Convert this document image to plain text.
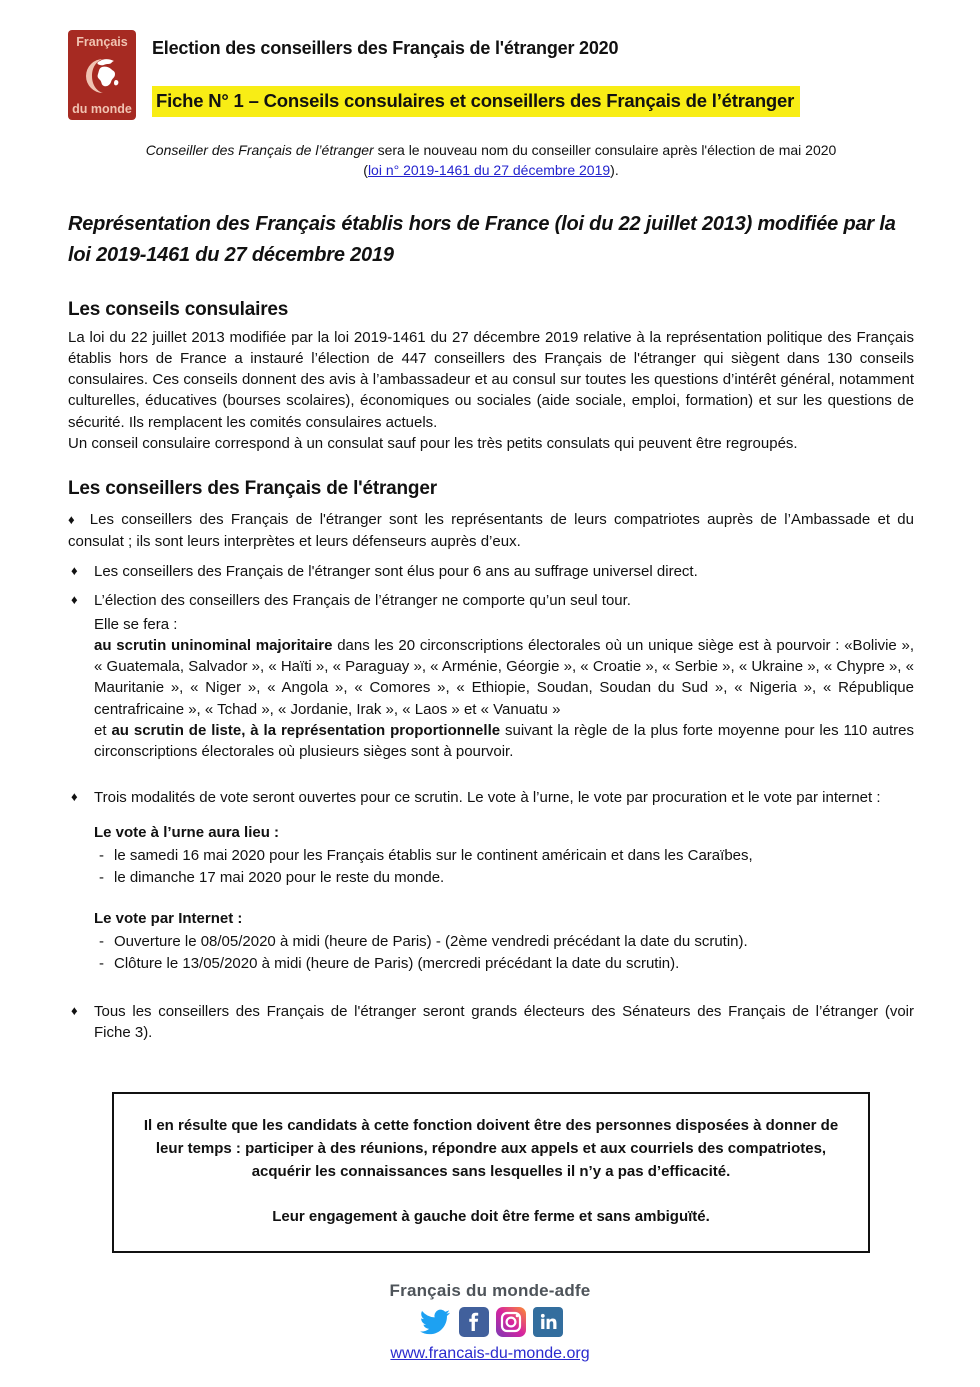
Français
du monde
Election des conseillers des Français de l'étranger 2020
Fiche N° 1 – Conseils consulaires et conseillers des Français de l’étranger
Conseiller des Français de l’étranger sera le nouveau nom du conseiller consulaire après l'élection de mai 2020
(loi n° 2019-1461 du 27 décembre 2019).
Représentation des Français établis hors de France (loi du 22 juillet 2013) modifiée par la loi 2019-1461 du 27 décembre 2019
Les conseils consulaires
La loi du 22 juillet 2013 modifiée par la loi 2019-1461 du 27 décembre 2019 relative à la représentation politique des Français établis hors de France a instauré l’élection de 447 conseillers des Français de l'étranger qui siègent dans 130 conseils consulaires. Ces conseils donnent des avis à l’ambassadeur et au consul sur toutes les questions d’intérêt général, notamment culturelles, éducatives (bourses scolaires), économiques ou sociales (aide sociale, emploi, formation) et sur les questions de sécurité. Ils remplacent les comités consulaires actuels.
Un conseil consulaire correspond à un consulat sauf pour les très petits consulats qui peuvent être regroupés.
Les conseillers des Français de l'étranger
♦ Les conseillers des Français de l'étranger sont les représentants de leurs compatriotes auprès de l’Ambassade et du consulat ; ils sont leurs interprètes et leurs défenseurs auprès d’eux.
♦ Les conseillers des Français de l'étranger sont élus pour 6 ans au suffrage universel direct.
♦ L’élection des conseillers des Français de l’étranger ne comporte qu’un seul tour.
Elle se fera :
au scrutin uninominal majoritaire dans les 20 circonscriptions électorales où un unique siège est à pourvoir : «Bolivie », « Guatemala, Salvador », « Haïti », « Paraguay », « Arménie, Géorgie », « Croatie », « Serbie », « Ukraine », « Chypre », « Mauritanie », « Niger », « Angola », « Comores », « Ethiopie, Soudan, Soudan du Sud », « Nigeria », « République centrafricaine », « Tchad », « Jordanie, Irak », « Laos » et « Vanuatu »
et au scrutin de liste, à la représentation proportionnelle suivant la règle de la plus forte moyenne pour les 110 autres circonscriptions électorales où plusieurs sièges sont à pourvoir.
♦ Trois modalités de vote seront ouvertes pour ce scrutin. Le vote à l’urne, le vote par procuration et le vote par internet :
Le vote à l’urne aura lieu :
- le samedi 16 mai 2020 pour les Français établis sur le continent américain et dans les Caraïbes,
- le dimanche 17 mai 2020 pour le reste du monde.
Le vote par Internet :
- Ouverture le 08/05/2020 à midi (heure de Paris) - (2ème vendredi précédant la date du scrutin).
- Clôture le 13/05/2020 à midi (heure de Paris) (mercredi précédant la date du scrutin).
♦ Tous les conseillers des Français de l'étranger seront grands électeurs des Sénateurs des Français de l’étranger (voir Fiche 3).
Il en résulte que les candidats à cette fonction doivent être des personnes disposées à donner de leur temps : participer à des réunions, répondre aux appels et aux courriels des compatriotes, acquérir les connaissances sans lesquelles il n’y a pas d’efficacité.
Leur engagement à gauche doit être ferme et sans ambiguïté.
Français du monde-adfe
www.francais-du-monde.org
